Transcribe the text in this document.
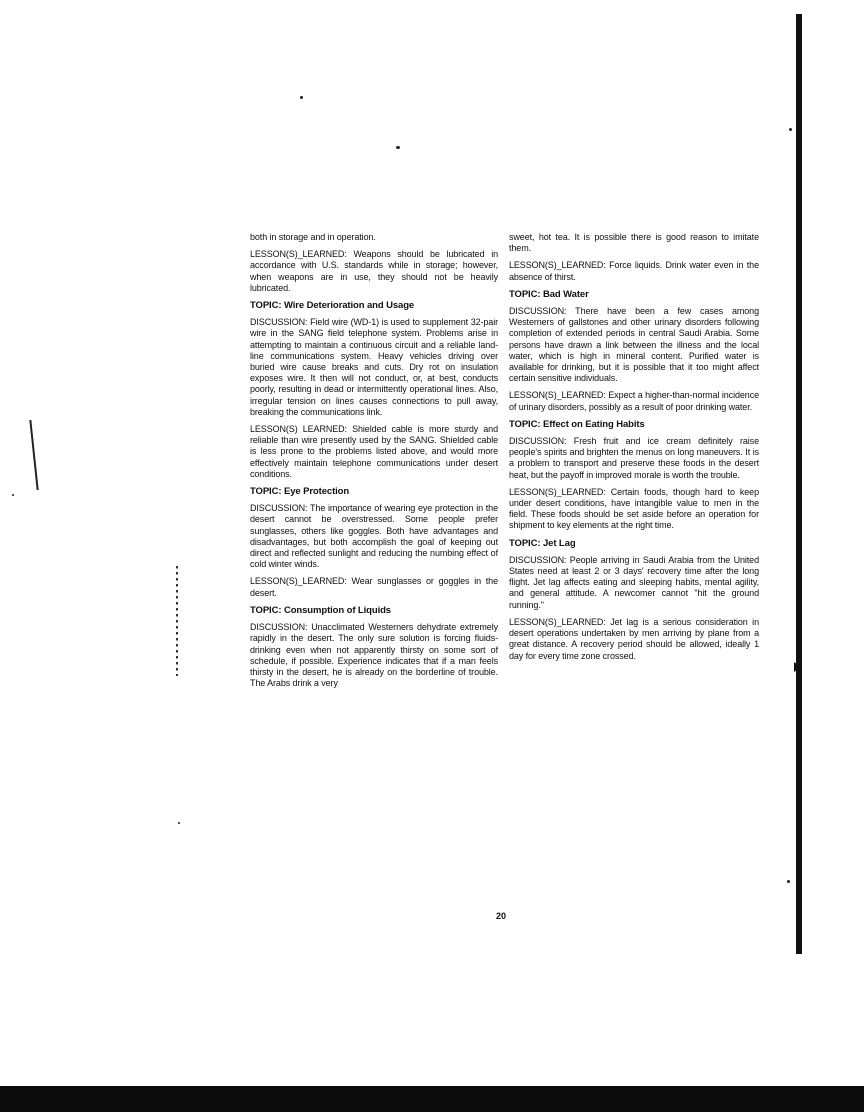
both in storage and in operation.

LESSON(S)_LEARNED: Weapons should be lubricated in accordance with U.S. standards while in storage; however, when weapons are in use, they should not be heavily lubricated.

TOPIC: Wire Deterioration and Usage

DISCUSSION: Field wire (WD-1) is used to supplement 32-pair wire in the SANG field telephone system. Problems arise in attempting to maintain a continuous circuit and a reliable land-line communications system. Heavy vehicles driving over buried wire cause breaks and cuts. Dry rot on insulation exposes wire. It then will not conduct, or, at best, conducts poorly, resulting in dead or intermittently operational lines. Also, irregular tension on lines causes connections to pull away, breaking the communications link.

LESSON(S) LEARNED: Shielded cable is more sturdy and reliable than wire presently used by the SANG. Shielded cable is less prone to the problems listed above, and would more effectively maintain telephone communications under desert conditions.

TOPIC: Eye Protection

DISCUSSION: The importance of wearing eye protection in the desert cannot be overstressed. Some people prefer sunglasses, others like goggles. Both have advantages and disadvantages, but both accomplish the goal of keeping out direct and reflected sunlight and reducing the numbing effect of cold winter winds.

LESSON(S)_LEARNED: Wear sunglasses or goggles in the desert.

TOPIC: Consumption of Liquids

DISCUSSION: Unacclimated Westerners dehydrate extremely rapidly in the desert. The only sure solution is forcing fluids-drinking even when not apparently thirsty on some sort of schedule, if possible. Experience indicates that if a man feels thirsty in the desert, he is already on the borderline of trouble. The Arabs drink a very

sweet, hot tea. It is possible there is good reason to imitate them.

LESSON(S)_LEARNED: Force liquids. Drink water even in the absence of thirst.

TOPIC: Bad Water

DISCUSSION: There have been a few cases among Westerners of gallstones and other urinary disorders following completion of extended periods in central Saudi Arabia. Some persons have drawn a link between the illness and the local water, which is high in mineral content. Purified water is available for drinking, but it is possible that it too might affect certain sensitive individuals.

LESSON(S)_LEARNED: Expect a higher-than-normal incidence of urinary disorders, possibly as a result of poor drinking water.

TOPIC: Effect on Eating Habits

DISCUSSION: Fresh fruit and ice cream definitely raise people's spirits and brighten the menus on long maneuvers. It is a problem to transport and preserve these foods in the desert heat, but the payoff in improved morale is worth the trouble.

LESSON(S)_LEARNED: Certain foods, though hard to keep under desert conditions, have intangible value to men in the field. These foods should be set aside before an operation for shipment to key elements at the right time.

TOPIC: Jet Lag

DISCUSSION: People arriving in Saudi Arabia from the United States need at least 2 or 3 days' recovery time after the long flight. Jet lag affects eating and sleeping habits, mental agility, and general attitude. A newcomer cannot "hit the ground running."

LESSON(S)_LEARNED: Jet lag is a serious consideration in desert operations undertaken by men arriving by plane from a great distance. A recovery period should be allowed, ideally 1 day for every time zone crossed.

20
